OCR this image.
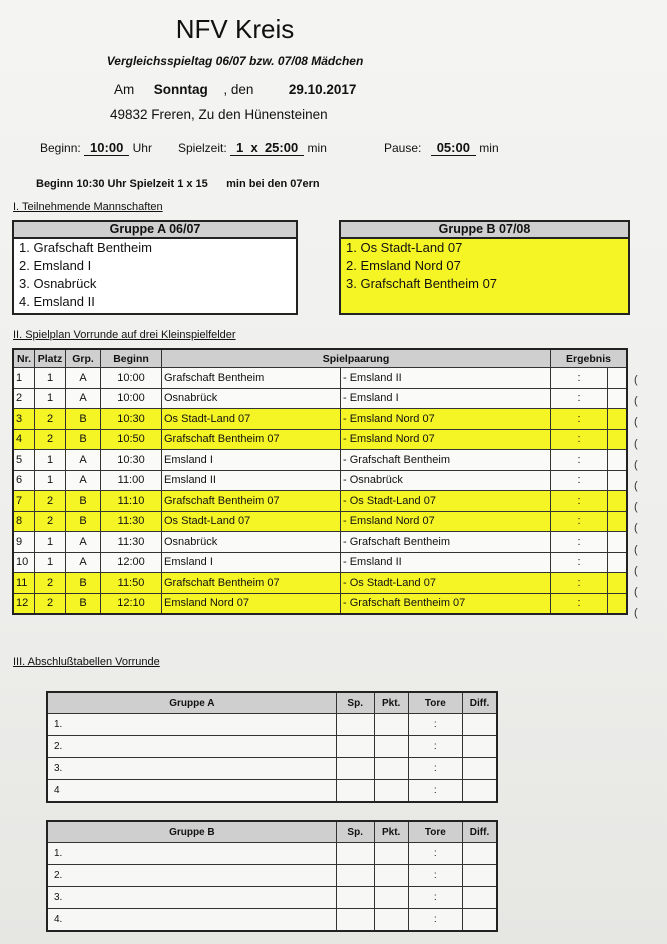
NFV Kreis
Vergleichsspieltag 06/07 bzw. 07/08 Mädchen
Am Sonntag , den	29.10.2017
49832 Freren, Zu den Hünensteinen
Beginn: 10:00 Uhr Spielzeit: 1  x  25:00 min	Pause: 05:00 min
Beginn 10:30 Uhr Spielzeit 1 x 15      min bei den 07ern
I. Teilnehmende Mannschaften
Gruppe A 06/07
1. Grafschaft Bentheim
2. Emsland I
3. Osnabrück
4. Emsland II
Gruppe B 07/08
1. Os Stadt-Land 07
2. Emsland Nord 07
3. Grafschaft Bentheim 07
II. Spielplan Vorrunde auf drei Kleinspielfelder
Nr.	Platz	Grp.	Beginn	Spielpaarung		Ergebnis	
1	1	A	10:00	Grafschaft Bentheim	- Emsland II	:	
2	1	A	10:00	Osnabrück	- Emsland I	:	
3	2	B	10:30	Os Stadt-Land 07	- Emsland Nord 07	:	
4	2	B	10:50	Grafschaft Bentheim 07	- Emsland Nord 07	:	
5	1	A	10:30	Emsland I	- Grafschaft Bentheim	:	
6	1	A	11:00	Emsland II	- Osnabrück	:	
7	2	B	11:10	Grafschaft Bentheim 07	- Os Stadt-Land 07	:	
8	2	B	11:30	Os Stadt-Land 07	- Emsland Nord 07	:	
9	1	A	11:30	Osnabrück	- Grafschaft Bentheim	:	
10	1	A	12:00	Emsland I	- Emsland II	:	
11	2	B	11:50	Grafschaft Bentheim 07	- Os Stadt-Land 07	:	
12	2	B	12:10	Emsland Nord 07	- Grafschaft Bentheim 07	:	
III. Abschlußtabellen Vorrunde
Gruppe A	Sp.	Pkt.	Tore	Diff.
1.			:	
2.			:	
3.			:	
4			:	
Gruppe B	Sp.	Pkt.	Tore	Diff.
1.			:	
2.			:	
3.			:	
4.			:	
(
(
(
(
(
(
(
(
(
(
(
(
